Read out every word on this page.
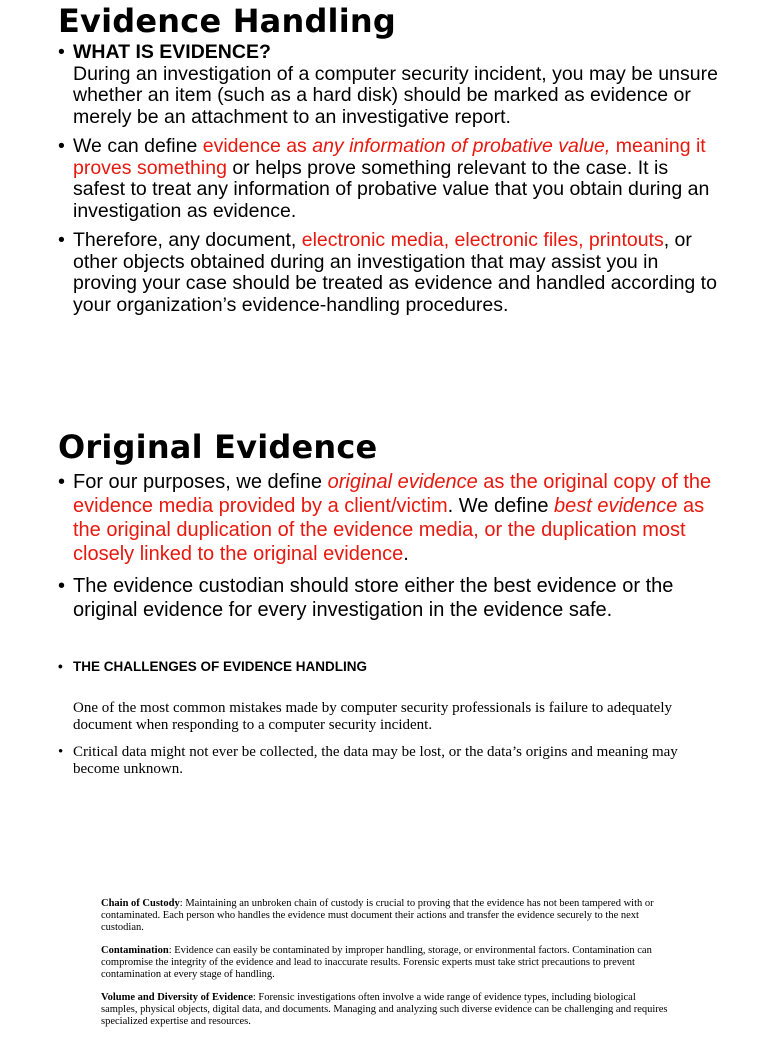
Evidence Handling
• WHAT IS EVIDENCE?
During an investigation of a computer security incident, you may be unsure whether an item (such as a hard disk) should be marked as evidence or merely be an attachment to an investigative report.
• We can define evidence as any information of probative value, meaning it proves something or helps prove something relevant to the case. It is safest to treat any information of probative value that you obtain during an investigation as evidence.
• Therefore, any document, electronic media, electronic files, printouts, or other objects obtained during an investigation that may assist you in proving your case should be treated as evidence and handled according to your organization’s evidence-handling procedures.
Original Evidence
• For our purposes, we define original evidence as the original copy of the evidence media provided by a client/victim. We define best evidence as the original duplication of the evidence media, or the duplication most closely linked to the original evidence.
• The evidence custodian should store either the best evidence or the original evidence for every investigation in the evidence safe.
• THE CHALLENGES OF EVIDENCE HANDLING
One of the most common mistakes made by computer security professionals is failure to adequately document when responding to a computer security incident.
• Critical data might not ever be collected, the data may be lost, or the data’s origins and meaning may become unknown.

Chain of Custody: Maintaining an unbroken chain of custody is crucial to proving that the evidence has not been tampered with or contaminated. Each person who handles the evidence must document their actions and transfer the evidence securely to the next custodian.

Contamination: Evidence can easily be contaminated by improper handling, storage, or environmental factors. Contamination can compromise the integrity of the evidence and lead to inaccurate results. Forensic experts must take strict precautions to prevent contamination at every stage of handling.

Volume and Diversity of Evidence: Forensic investigations often involve a wide range of evidence types, including biological samples, physical objects, digital data, and documents. Managing and analyzing such diverse evidence can be challenging and requires specialized expertise and resources.
